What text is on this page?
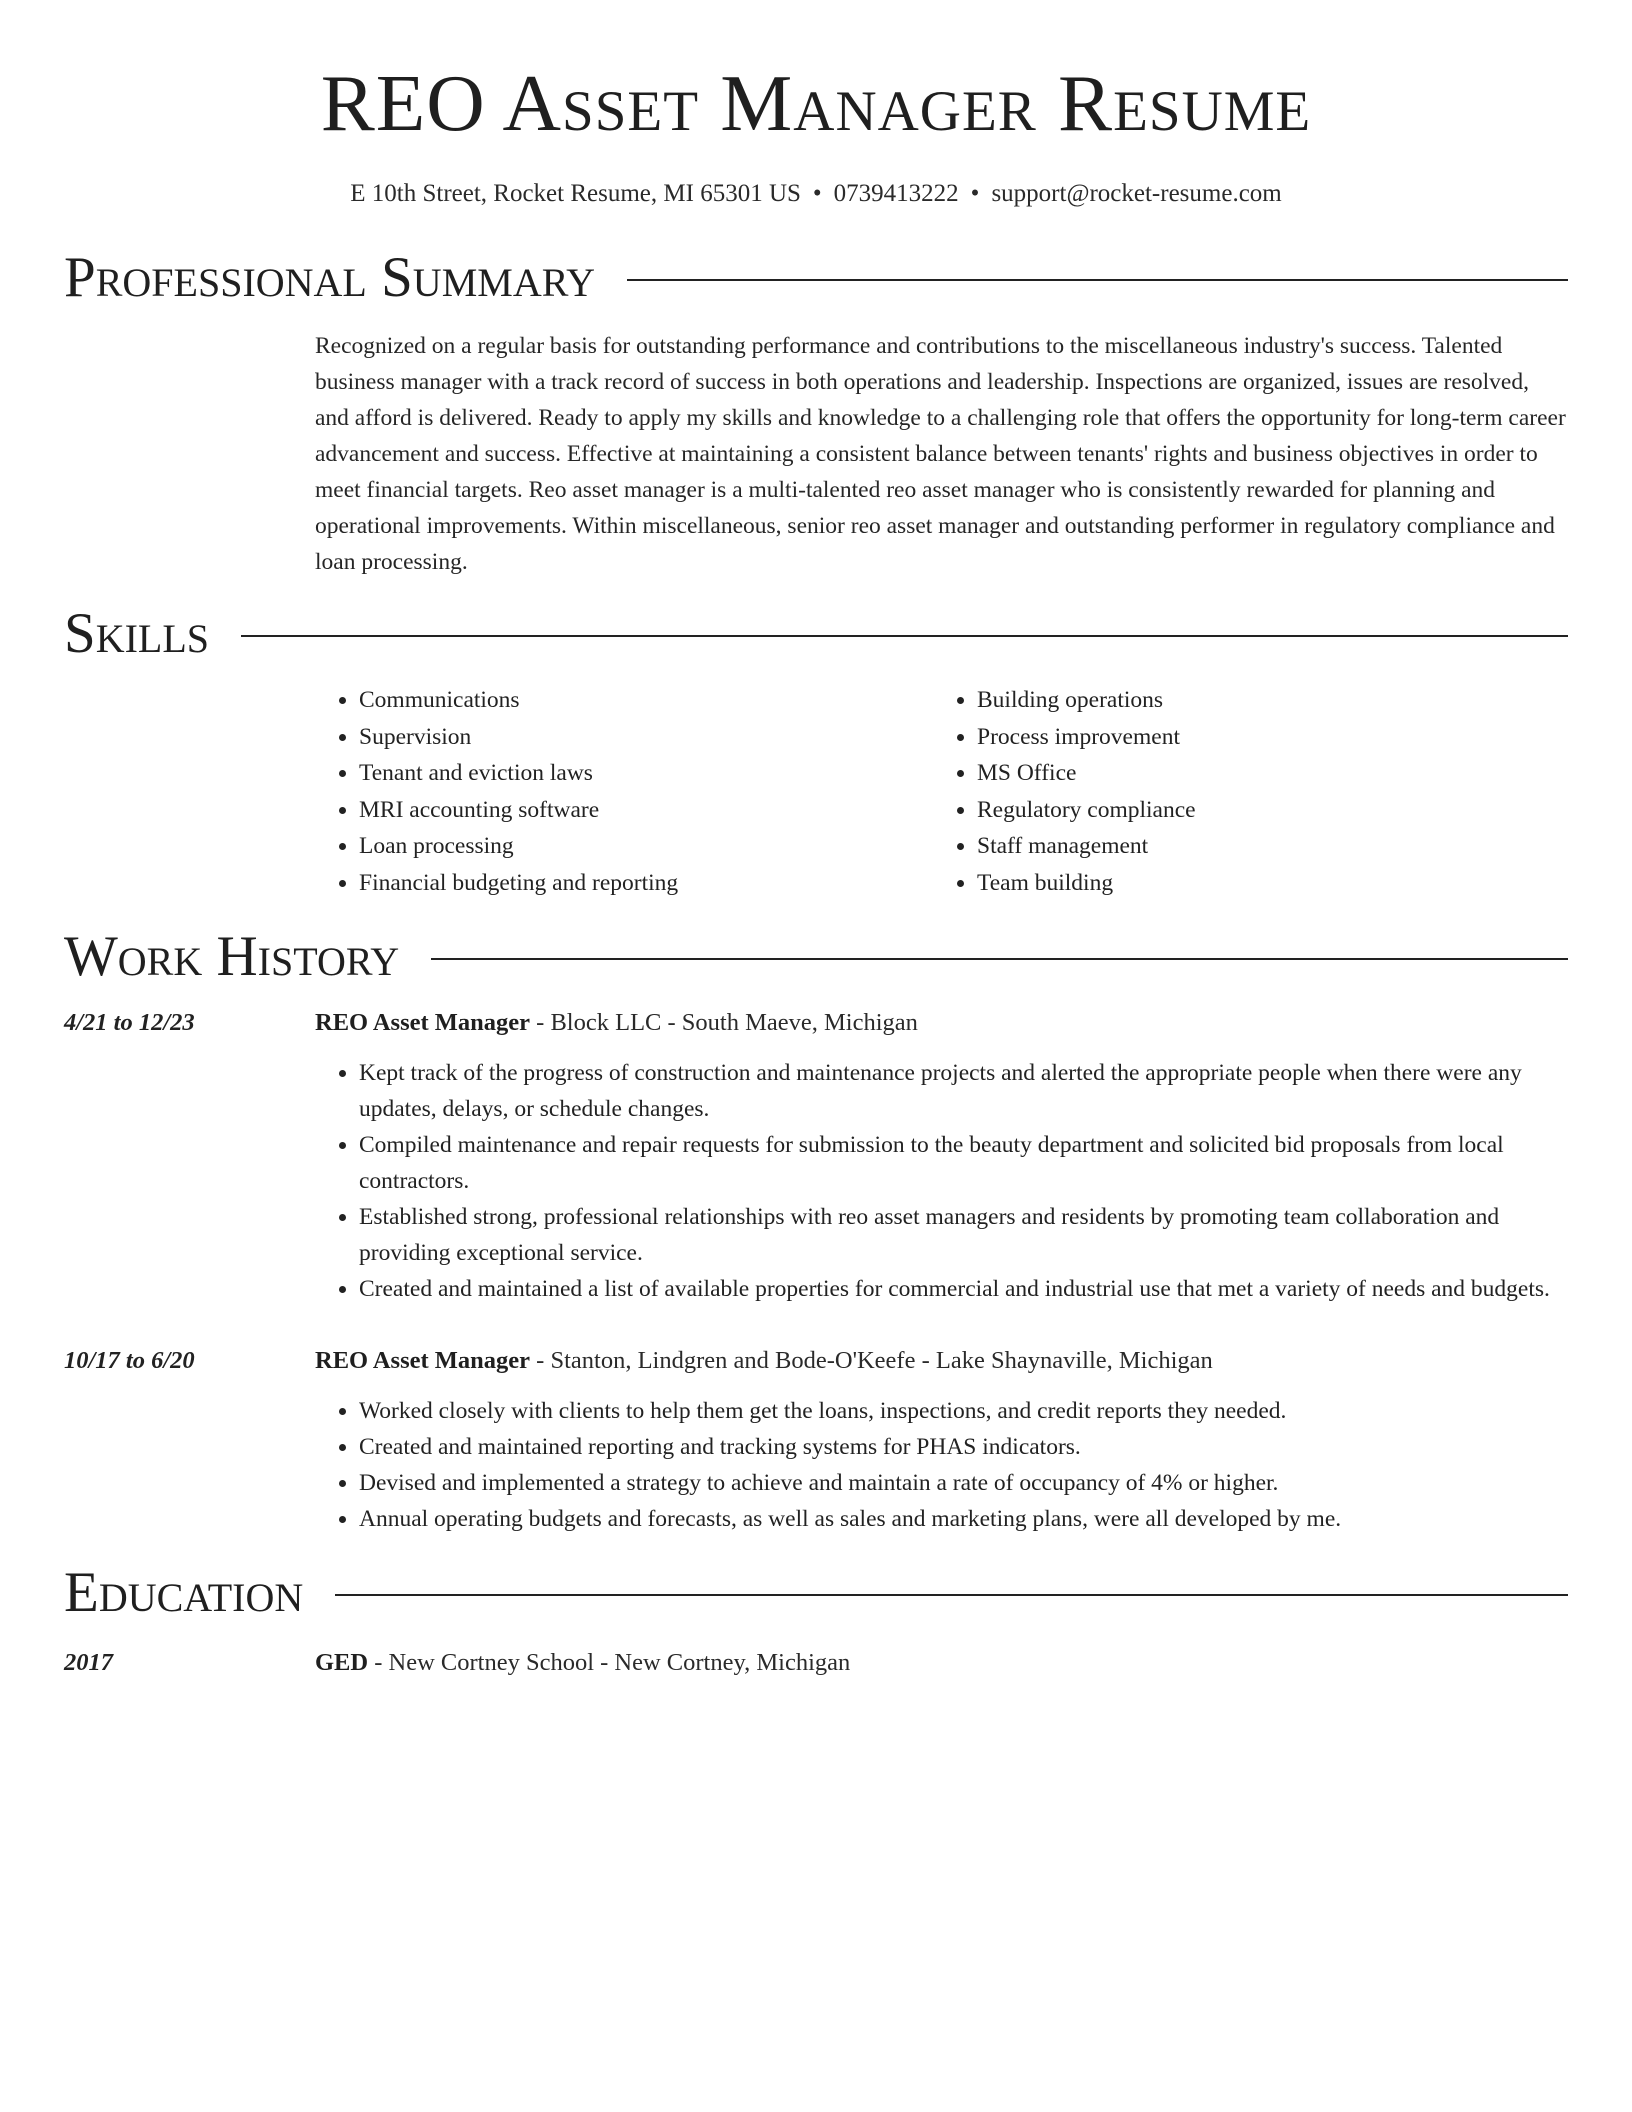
REO Asset Manager Resume
E 10th Street, Rocket Resume, MI 65301 US • 0739413222 • support@rocket-resume.com
Professional Summary
Recognized on a regular basis for outstanding performance and contributions to the miscellaneous industry's success. Talented business manager with a track record of success in both operations and leadership. Inspections are organized, issues are resolved, and afford is delivered. Ready to apply my skills and knowledge to a challenging role that offers the opportunity for long-term career advancement and success. Effective at maintaining a consistent balance between tenants' rights and business objectives in order to meet financial targets. Reo asset manager is a multi-talented reo asset manager who is consistently rewarded for planning and operational improvements. Within miscellaneous, senior reo asset manager and outstanding performer in regulatory compliance and loan processing.
Skills
• Communications
• Supervision
• Tenant and eviction laws
• MRI accounting software
• Loan processing
• Financial budgeting and reporting
• Building operations
• Process improvement
• MS Office
• Regulatory compliance
• Staff management
• Team building
Work History
4/21 to 12/23	REO Asset Manager - Block LLC - South Maeve, Michigan
• Kept track of the progress of construction and maintenance projects and alerted the appropriate people when there were any updates, delays, or schedule changes.
• Compiled maintenance and repair requests for submission to the beauty department and solicited bid proposals from local contractors.
• Established strong, professional relationships with reo asset managers and residents by promoting team collaboration and providing exceptional service.
• Created and maintained a list of available properties for commercial and industrial use that met a variety of needs and budgets.
10/17 to 6/20	REO Asset Manager - Stanton, Lindgren and Bode-O'Keefe - Lake Shaynaville, Michigan
• Worked closely with clients to help them get the loans, inspections, and credit reports they needed.
• Created and maintained reporting and tracking systems for PHAS indicators.
• Devised and implemented a strategy to achieve and maintain a rate of occupancy of 4% or higher.
• Annual operating budgets and forecasts, as well as sales and marketing plans, were all developed by me.
Education
2017	GED - New Cortney School - New Cortney, Michigan
